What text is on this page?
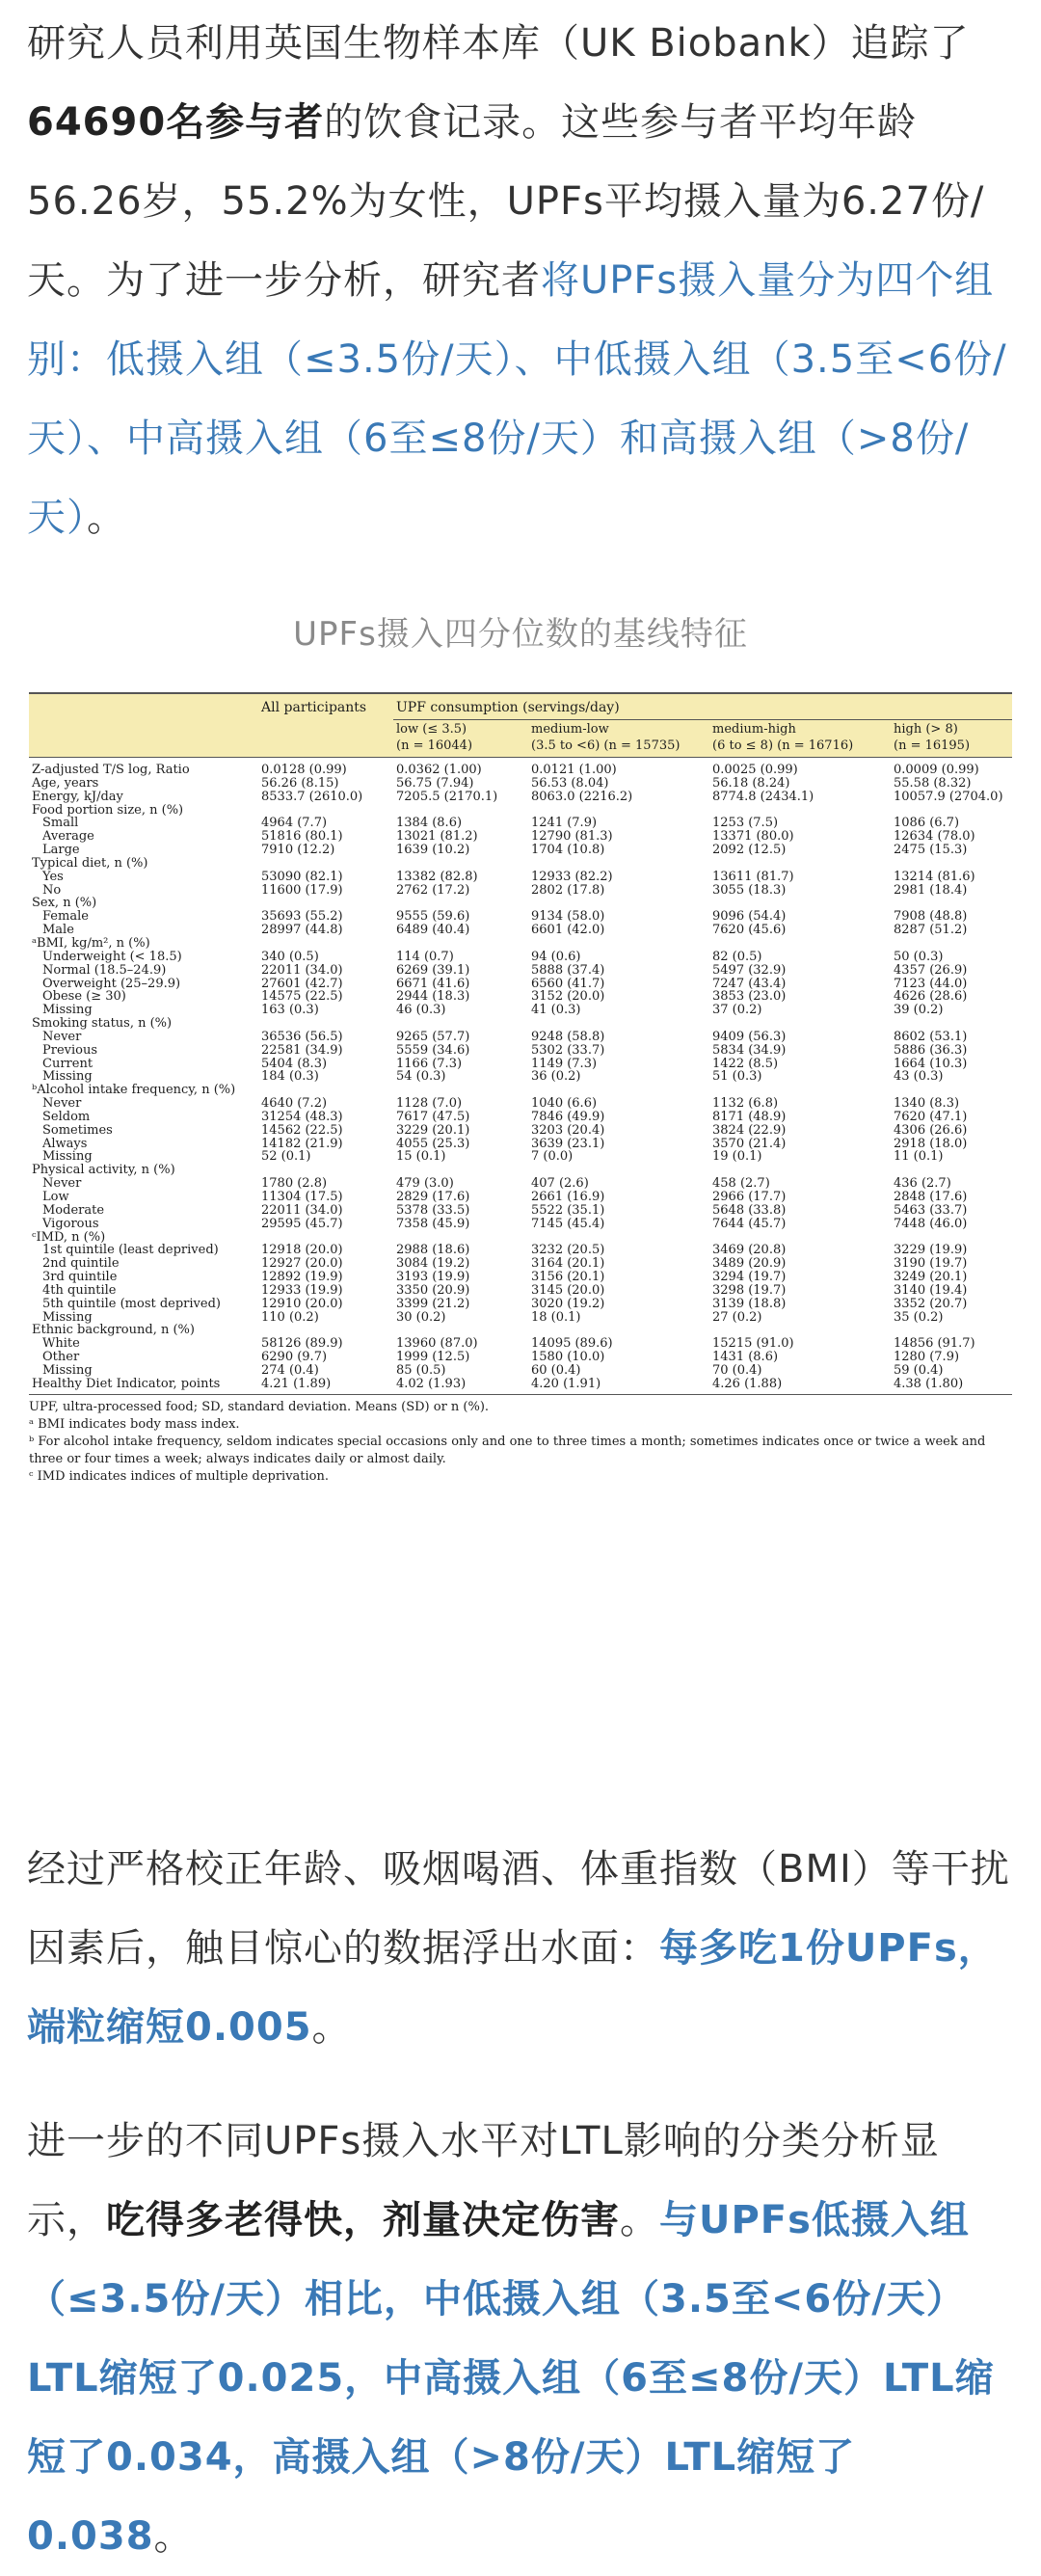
研究人员利用英国生物样本库（UK Biobank）追踪了64690名参与者的饮食记录。这些参与者平均年龄56.26岁，55.2%为女性，UPFs平均摄入量为6.27份/天。为了进一步分析，研究者将UPFs摄入量分为四个组别：低摄入组（≤3.5份/天）、中低摄入组（3.5至<6份/天）、中高摄入组（6至≤8份/天）和高摄入组（>8份/天）。

UPFs摄入四分位数的基线特征
	All participants	UPF consumption (servings/day)			
		low (≤ 3.5)	medium-low	medium-high	high (> 8)
		(n = 16044)	(3.5 to <6) (n = 15735)	(6 to ≤ 8) (n = 16716)	(n = 16195)
Z-adjusted T/S log, Ratio	0.0128 (0.99)	0.0362 (1.00)	0.0121 (1.00)	0.0025 (0.99)	0.0009 (0.99)
Age, years	56.26 (8.15)	56.75 (7.94)	56.53 (8.04)	56.18 (8.24)	55.58 (8.32)
Energy, kJ/day	8533.7 (2610.0)	7205.5 (2170.1)	8063.0 (2216.2)	8774.8 (2434.1)	10057.9 (2704.0)
Food portion size, n (%)					
Small	4964 (7.7)	1384 (8.6)	1241 (7.9)	1253 (7.5)	1086 (6.7)
Average	51816 (80.1)	13021 (81.2)	12790 (81.3)	13371 (80.0)	12634 (78.0)
Large	7910 (12.2)	1639 (10.2)	1704 (10.8)	2092 (12.5)	2475 (15.3)
Typical diet, n (%)					
Yes	53090 (82.1)	13382 (82.8)	12933 (82.2)	13611 (81.7)	13214 (81.6)
No	11600 (17.9)	2762 (17.2)	2802 (17.8)	3055 (18.3)	2981 (18.4)
Sex, n (%)					
Female	35693 (55.2)	9555 (59.6)	9134 (58.0)	9096 (54.4)	7908 (48.8)
Male	28997 (44.8)	6489 (40.4)	6601 (42.0)	7620 (45.6)	8287 (51.2)
ᵃBMI, kg/m², n (%)					
Underweight (< 18.5)	340 (0.5)	114 (0.7)	94 (0.6)	82 (0.5)	50 (0.3)
Normal (18.5–24.9)	22011 (34.0)	6269 (39.1)	5888 (37.4)	5497 (32.9)	4357 (26.9)
Overweight (25–29.9)	27601 (42.7)	6671 (41.6)	6560 (41.7)	7247 (43.4)	7123 (44.0)
Obese (≥ 30)	14575 (22.5)	2944 (18.3)	3152 (20.0)	3853 (23.0)	4626 (28.6)
Missing	163 (0.3)	46 (0.3)	41 (0.3)	37 (0.2)	39 (0.2)
Smoking status, n (%)					
Never	36536 (56.5)	9265 (57.7)	9248 (58.8)	9409 (56.3)	8602 (53.1)
Previous	22581 (34.9)	5559 (34.6)	5302 (33.7)	5834 (34.9)	5886 (36.3)
Current	5404 (8.3)	1166 (7.3)	1149 (7.3)	1422 (8.5)	1664 (10.3)
Missing	184 (0.3)	54 (0.3)	36 (0.2)	51 (0.3)	43 (0.3)
ᵇAlcohol intake frequency, n (%)					
Never	4640 (7.2)	1128 (7.0)	1040 (6.6)	1132 (6.8)	1340 (8.3)
Seldom	31254 (48.3)	7617 (47.5)	7846 (49.9)	8171 (48.9)	7620 (47.1)
Sometimes	14562 (22.5)	3229 (20.1)	3203 (20.4)	3824 (22.9)	4306 (26.6)
Always	14182 (21.9)	4055 (25.3)	3639 (23.1)	3570 (21.4)	2918 (18.0)
Missing	52 (0.1)	15 (0.1)	7 (0.0)	19 (0.1)	11 (0.1)
Physical activity, n (%)					
Never	1780 (2.8)	479 (3.0)	407 (2.6)	458 (2.7)	436 (2.7)
Low	11304 (17.5)	2829 (17.6)	2661 (16.9)	2966 (17.7)	2848 (17.6)
Moderate	22011 (34.0)	5378 (33.5)	5522 (35.1)	5648 (33.8)	5463 (33.7)
Vigorous	29595 (45.7)	7358 (45.9)	7145 (45.4)	7644 (45.7)	7448 (46.0)
ᶜIMD, n (%)					
1st quintile (least deprived)	12918 (20.0)	2988 (18.6)	3232 (20.5)	3469 (20.8)	3229 (19.9)
2nd quintile	12927 (20.0)	3084 (19.2)	3164 (20.1)	3489 (20.9)	3190 (19.7)
3rd quintile	12892 (19.9)	3193 (19.9)	3156 (20.1)	3294 (19.7)	3249 (20.1)
4th quintile	12933 (19.9)	3350 (20.9)	3145 (20.0)	3298 (19.7)	3140 (19.4)
5th quintile (most deprived)	12910 (20.0)	3399 (21.2)	3020 (19.2)	3139 (18.8)	3352 (20.7)
Missing	110 (0.2)	30 (0.2)	18 (0.1)	27 (0.2)	35 (0.2)
Ethnic background, n (%)					
White	58126 (89.9)	13960 (87.0)	14095 (89.6)	15215 (91.0)	14856 (91.7)
Other	6290 (9.7)	1999 (12.5)	1580 (10.0)	1431 (8.6)	1280 (7.9)
Missing	274 (0.4)	85 (0.5)	60 (0.4)	70 (0.4)	59 (0.4)
Healthy Diet Indicator, points	4.21 (1.89)	4.02 (1.93)	4.20 (1.91)	4.26 (1.88)	4.38 (1.80)

UPF, ultra-processed food; SD, standard deviation. Means (SD) or n (%).

ᵃ BMI indicates body mass index.

ᵇ For alcohol intake frequency, seldom indicates special occasions only and one to three times a month; sometimes indicates once or twice a week and three or four times a week; always indicates daily or almost daily.

ᶜ IMD indicates indices of multiple deprivation.

经过严格校正年龄、吸烟喝酒、体重指数（BMI）等干扰因素后，触目惊心的数据浮出水面：每多吃1份UPFs，端粒缩短0.005。

进一步的不同UPFs摄入水平对LTL影响的分类分析显示，吃得多老得快，剂量决定伤害。与UPFs低摄入组（≤3.5份/天）相比，中低摄入组（3.5至<6份/天）LTL缩短了0.025，中高摄入组（6至≤8份/天）LTL缩短了0.034，高摄入组（>8份/天）LTL缩短了0.038。
